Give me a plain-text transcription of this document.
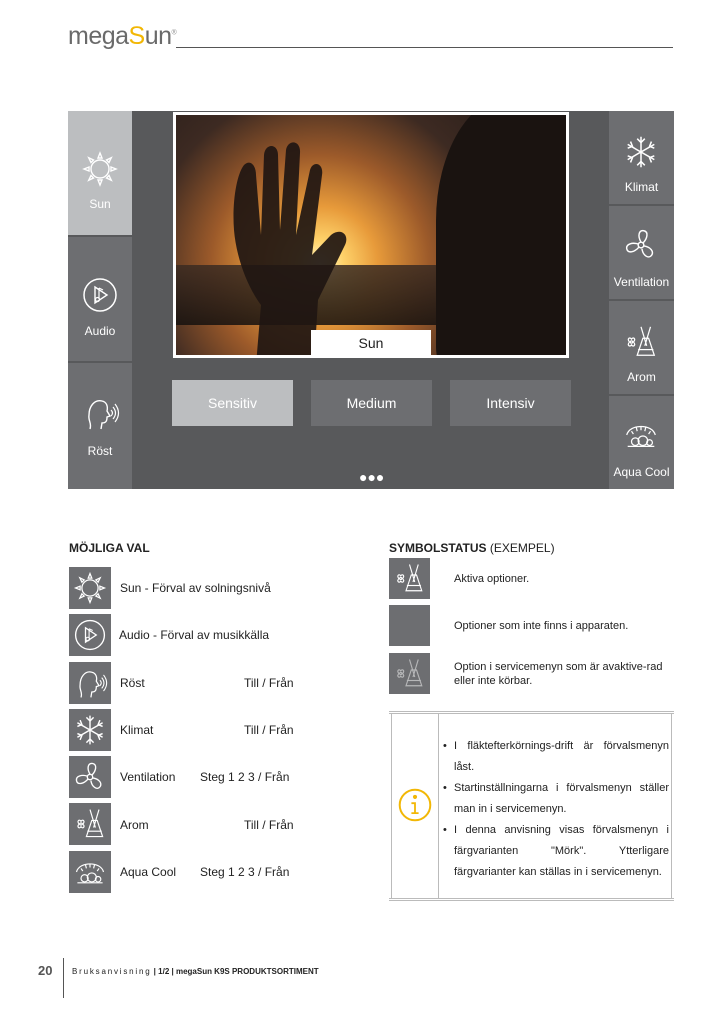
megaSun®
Sun
Audio
Röst
Sun
Sensitiv	Medium	Intensiv
●●●
Klimat
Ventilation
Arom
Aqua Cool
MÖJLIGA VAL
Sun - Förval av solningsnivå
Audio - Förval av musikkälla
Röst	Till / Från
Klimat	Till / Från
Ventilation Steg 1 2 3 / Från
Arom	Till / Från
Aqua Cool Steg 1 2 3 / Från
SYMBOLSTATUS (EXEMPEL)
Aktiva optioner.
Optioner som inte finns i apparaten.
Option i servicemenyn som är avaktive-rad eller inte körbar.
• I fläktefterkörnings-drift är förvalsmenyn låst.
• Startinställningarna i förvalsmenyn ställer man in i servicemenyn.
• I denna anvisning visas förvalsmenyn i färgvarianten "Mörk". Ytterligare färgvarianter kan ställas in i servicemenyn.
20 Bruksanvisning | 1/2 | megaSun K9S PRODUKTSORTIMENT
